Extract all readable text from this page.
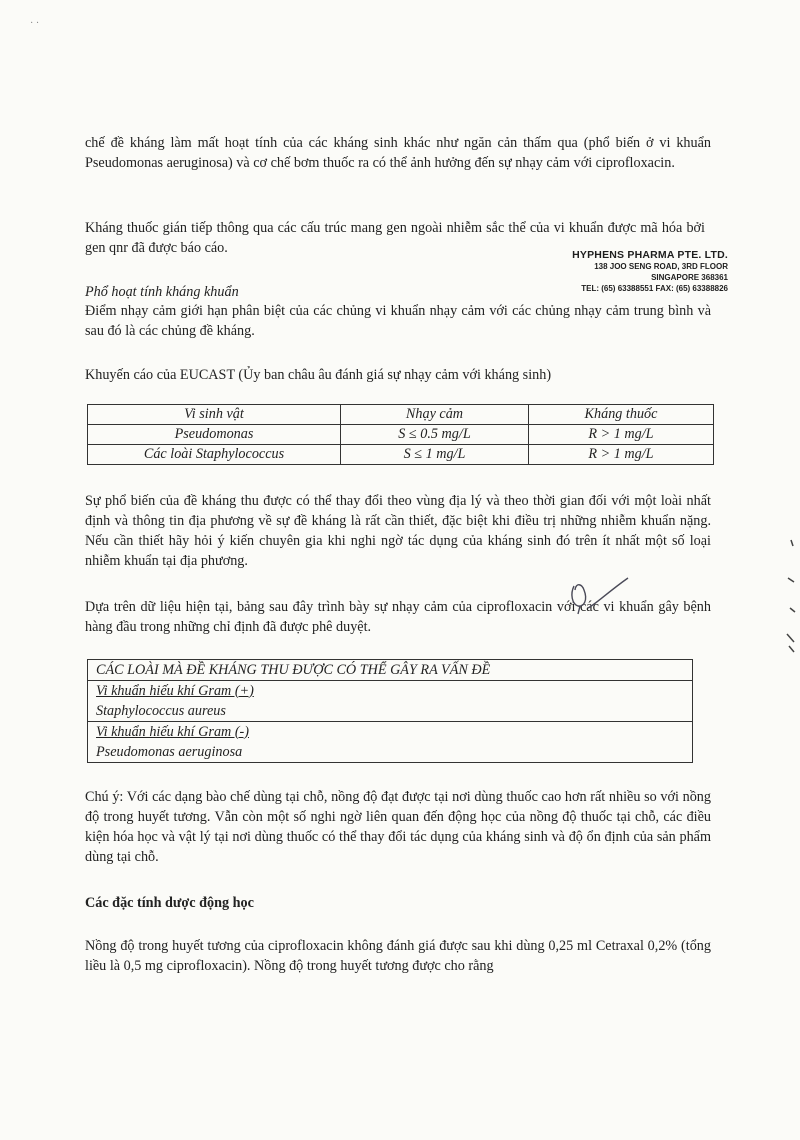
· ·

chế đề kháng làm mất hoạt tính của các kháng sinh khác như ngăn cản thấm qua (phổ biến ở vi khuẩn Pseudomonas aeruginosa) và cơ chế bơm thuốc ra có thể ảnh hưởng đến sự nhạy cảm với ciprofloxacin.

Kháng thuốc gián tiếp thông qua các cấu trúc mang gen ngoài nhiễm sắc thể của vi khuẩn được mã hóa bởi gen qnr đã được báo cáo.	HYPHENS PHARMA PTE. LTD.
138 JOO SENG ROAD, 3RD FLOOR
SINGAPORE 368361
TEL: (65) 63388551 FAX: (65) 63388826

Phổ hoạt tính kháng khuẩn

Điểm nhạy cảm giới hạn phân biệt của các chủng vi khuẩn nhạy cảm với các chủng nhạy cảm trung bình và sau đó là các chủng đề kháng.

Khuyến cáo của EUCAST (Ủy ban châu âu đánh giá sự nhạy cảm với kháng sinh)

Vi sinh vật	Nhạy cảm	Kháng thuốc
Pseudomonas	S ≤ 0.5 mg/L	R > 1 mg/L
Các loài Staphylococcus	S ≤ 1 mg/L	R > 1 mg/L

Sự phổ biến của đề kháng thu được có thể thay đổi theo vùng địa lý và theo thời gian đối với một loài nhất định và thông tin địa phương về sự đề kháng là rất cần thiết, đặc biệt khi điều trị những nhiễm khuẩn nặng. Nếu cần thiết hãy hỏi ý kiến chuyên gia khi nghi ngờ tác dụng của kháng sinh đó trên ít nhất một số loại nhiễm khuẩn tại địa phương.

Dựa trên dữ liệu hiện tại, bảng sau đây trình bày sự nhạy cảm của ciprofloxacin với các vi khuẩn gây bệnh hàng đầu trong những chỉ định đã được phê duyệt.

CÁC LOÀI MÀ ĐỀ KHÁNG THU ĐƯỢC CÓ THỂ GÂY RA VẤN ĐỀ
Vi khuẩn hiếu khí Gram (+)
Staphylococcus aureus
Vi khuẩn hiếu khí Gram (-)
Pseudomonas aeruginosa

Chú ý: Với các dạng bào chế dùng tại chỗ, nồng độ đạt được tại nơi dùng thuốc cao hơn rất nhiều so với nồng độ trong huyết tương. Vẫn còn một số nghi ngờ liên quan đến động học của nồng độ thuốc tại chỗ, các điều kiện hóa học và vật lý tại nơi dùng thuốc có thể thay đổi tác dụng của kháng sinh và độ ổn định của sản phẩm dùng tại chỗ.

Các đặc tính dược động học

Nồng độ trong huyết tương của ciprofloxacin không đánh giá được sau khi dùng 0,25 ml Cetraxal 0,2% (tổng liều là 0,5 mg ciprofloxacin). Nồng độ trong huyết tương được cho rằng
